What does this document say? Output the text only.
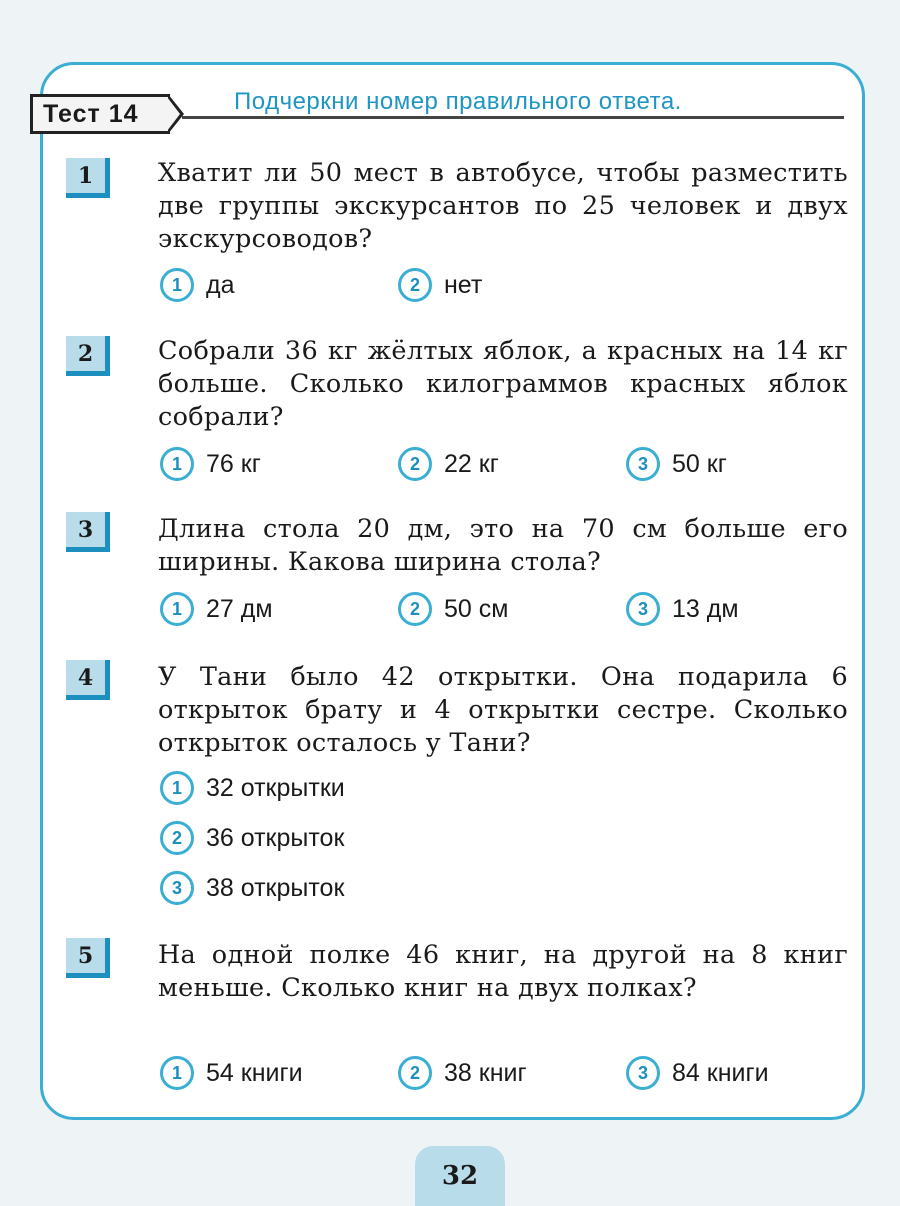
Тест 14	Подчеркни номер правильного ответа.
1	Хватит ли 50 мест в автобусе, чтобы разместить две группы экскурсантов по 25 человек и двух экскурсоводов?
1 да	2 нет
2	Собрали 36 кг жёлтых яблок, а красных на 14 кг больше. Сколько килограммов красных яблок собрали?
1 76 кг	2 22 кг	3 50 кг
3	Длина стола 20 дм, это на 70 см больше его ширины. Какова ширина стола?
1 27 дм	2 50 см	3 13 дм
4	У Тани было 42 открытки. Она подарила 6 открыток брату и 4 открытки сестре. Сколько открыток осталось у Тани?
1 32 открытки
2 36 открыток
3 38 открыток
5	На одной полке 46 книг, на другой на 8 книг меньше. Сколько книг на двух полках?
1 54 книги	2 38 книг	3 84 книги
32
